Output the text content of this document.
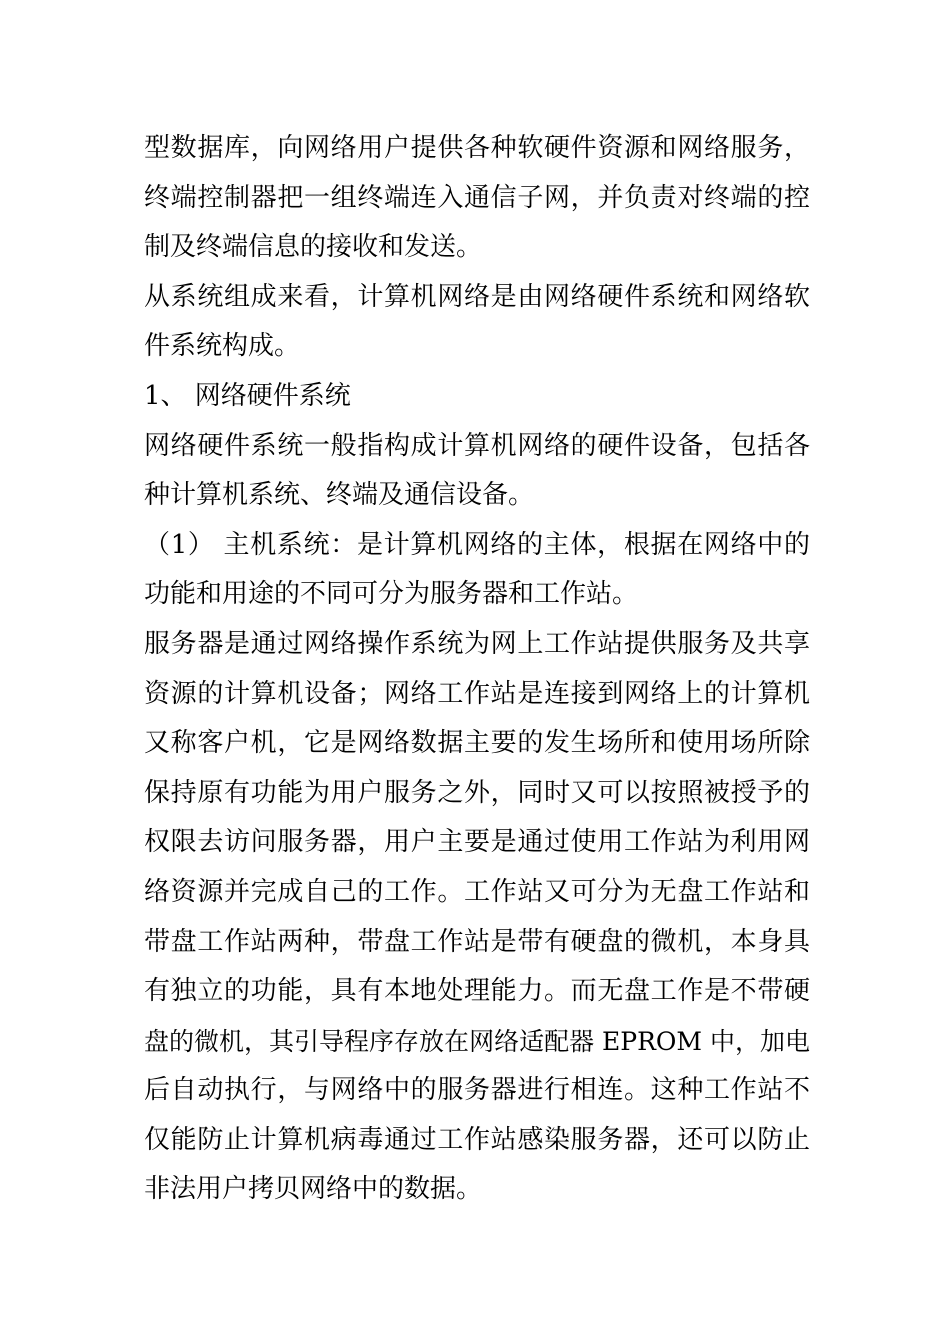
型数据库，向网络用户提供各种软硬件资源和网络服务，
终端控制器把一组终端连入通信子网，并负责对终端的控
制及终端信息的接收和发送。
从系统组成来看，计算机网络是由网络硬件系统和网络软
件系统构成。
1、 网络硬件系统
网络硬件系统一般指构成计算机网络的硬件设备，包括各
种计算机系统、终端及通信设备。
（1） 主机系统：是计算机网络的主体，根据在网络中的
功能和用途的不同可分为服务器和工作站。
服务器是通过网络操作系统为网上工作站提供服务及共享
资源的计算机设备；网络工作站是连接到网络上的计算机
又称客户机，它是网络数据主要的发生场所和使用场所除
保持原有功能为用户服务之外，同时又可以按照被授予的
权限去访问服务器，用户主要是通过使用工作站为利用网
络资源并完成自己的工作。工作站又可分为无盘工作站和
带盘工作站两种，带盘工作站是带有硬盘的微机，本身具
有独立的功能，具有本地处理能力。而无盘工作是不带硬
盘的微机，其引导程序存放在网络适配器 EPROM 中，加电
后自动执行，与网络中的服务器进行相连。这种工作站不
仅能防止计算机病毒通过工作站感染服务器，还可以防止
非法用户拷贝网络中的数据。
